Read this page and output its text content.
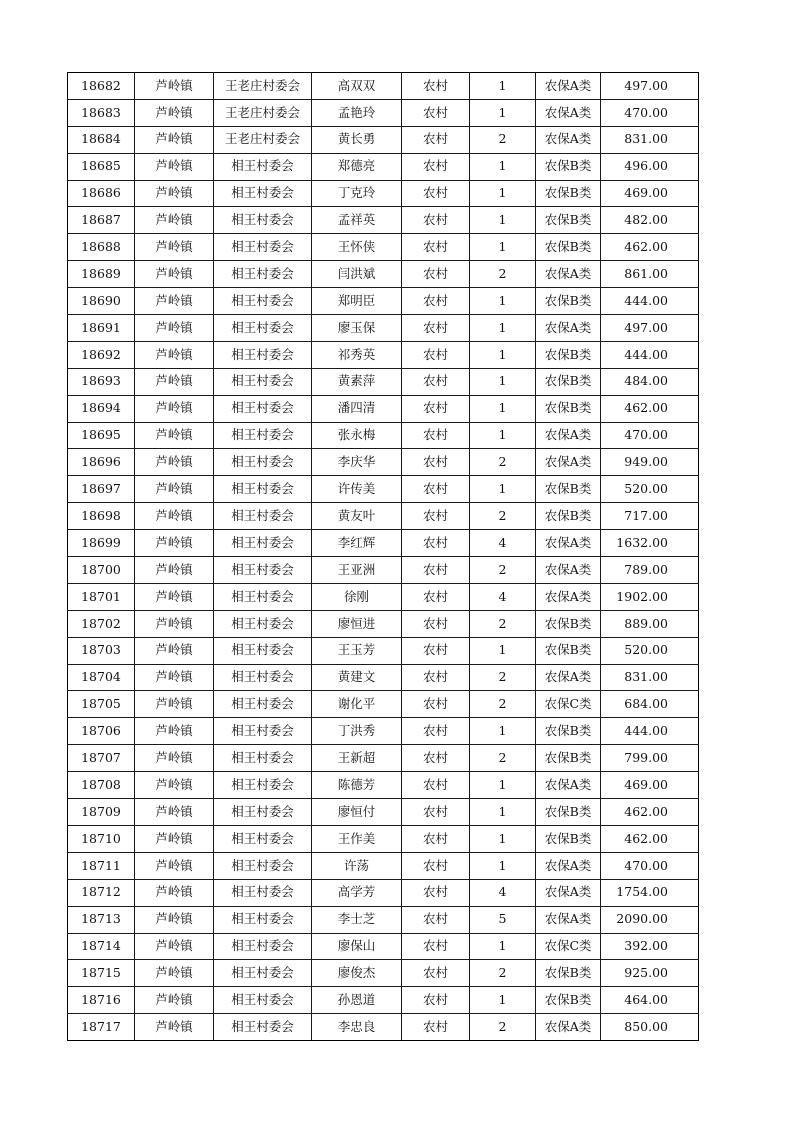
18682	芦岭镇	王老庄村委会	高双双	农村	1	农保A类	497.00
18683	芦岭镇	王老庄村委会	孟艳玲	农村	1	农保A类	470.00
18684	芦岭镇	王老庄村委会	黄长勇	农村	2	农保A类	831.00
18685	芦岭镇	相王村委会	郑德亮	农村	1	农保B类	496.00
18686	芦岭镇	相王村委会	丁克玲	农村	1	农保B类	469.00
18687	芦岭镇	相王村委会	孟祥英	农村	1	农保B类	482.00
18688	芦岭镇	相王村委会	王怀侠	农村	1	农保B类	462.00
18689	芦岭镇	相王村委会	闫洪斌	农村	2	农保A类	861.00
18690	芦岭镇	相王村委会	郑明臣	农村	1	农保B类	444.00
18691	芦岭镇	相王村委会	廖玉保	农村	1	农保A类	497.00
18692	芦岭镇	相王村委会	祁秀英	农村	1	农保B类	444.00
18693	芦岭镇	相王村委会	黄素萍	农村	1	农保B类	484.00
18694	芦岭镇	相王村委会	潘四清	农村	1	农保B类	462.00
18695	芦岭镇	相王村委会	张永梅	农村	1	农保A类	470.00
18696	芦岭镇	相王村委会	李庆华	农村	2	农保A类	949.00
18697	芦岭镇	相王村委会	许传美	农村	1	农保B类	520.00
18698	芦岭镇	相王村委会	黄友叶	农村	2	农保B类	717.00
18699	芦岭镇	相王村委会	李红辉	农村	4	农保A类	1632.00
18700	芦岭镇	相王村委会	王亚洲	农村	2	农保A类	789.00
18701	芦岭镇	相王村委会	徐刚	农村	4	农保A类	1902.00
18702	芦岭镇	相王村委会	廖恒进	农村	2	农保B类	889.00
18703	芦岭镇	相王村委会	王玉芳	农村	1	农保B类	520.00
18704	芦岭镇	相王村委会	黄建文	农村	2	农保A类	831.00
18705	芦岭镇	相王村委会	谢化平	农村	2	农保C类	684.00
18706	芦岭镇	相王村委会	丁洪秀	农村	1	农保B类	444.00
18707	芦岭镇	相王村委会	王新超	农村	2	农保B类	799.00
18708	芦岭镇	相王村委会	陈德芳	农村	1	农保A类	469.00
18709	芦岭镇	相王村委会	廖恒付	农村	1	农保B类	462.00
18710	芦岭镇	相王村委会	王作美	农村	1	农保B类	462.00
18711	芦岭镇	相王村委会	许荡	农村	1	农保A类	470.00
18712	芦岭镇	相王村委会	高学芳	农村	4	农保A类	1754.00
18713	芦岭镇	相王村委会	李士芝	农村	5	农保A类	2090.00
18714	芦岭镇	相王村委会	廖保山	农村	1	农保C类	392.00
18715	芦岭镇	相王村委会	廖俊杰	农村	2	农保B类	925.00
18716	芦岭镇	相王村委会	孙恩道	农村	1	农保B类	464.00
18717	芦岭镇	相王村委会	李忠良	农村	2	农保A类	850.00
